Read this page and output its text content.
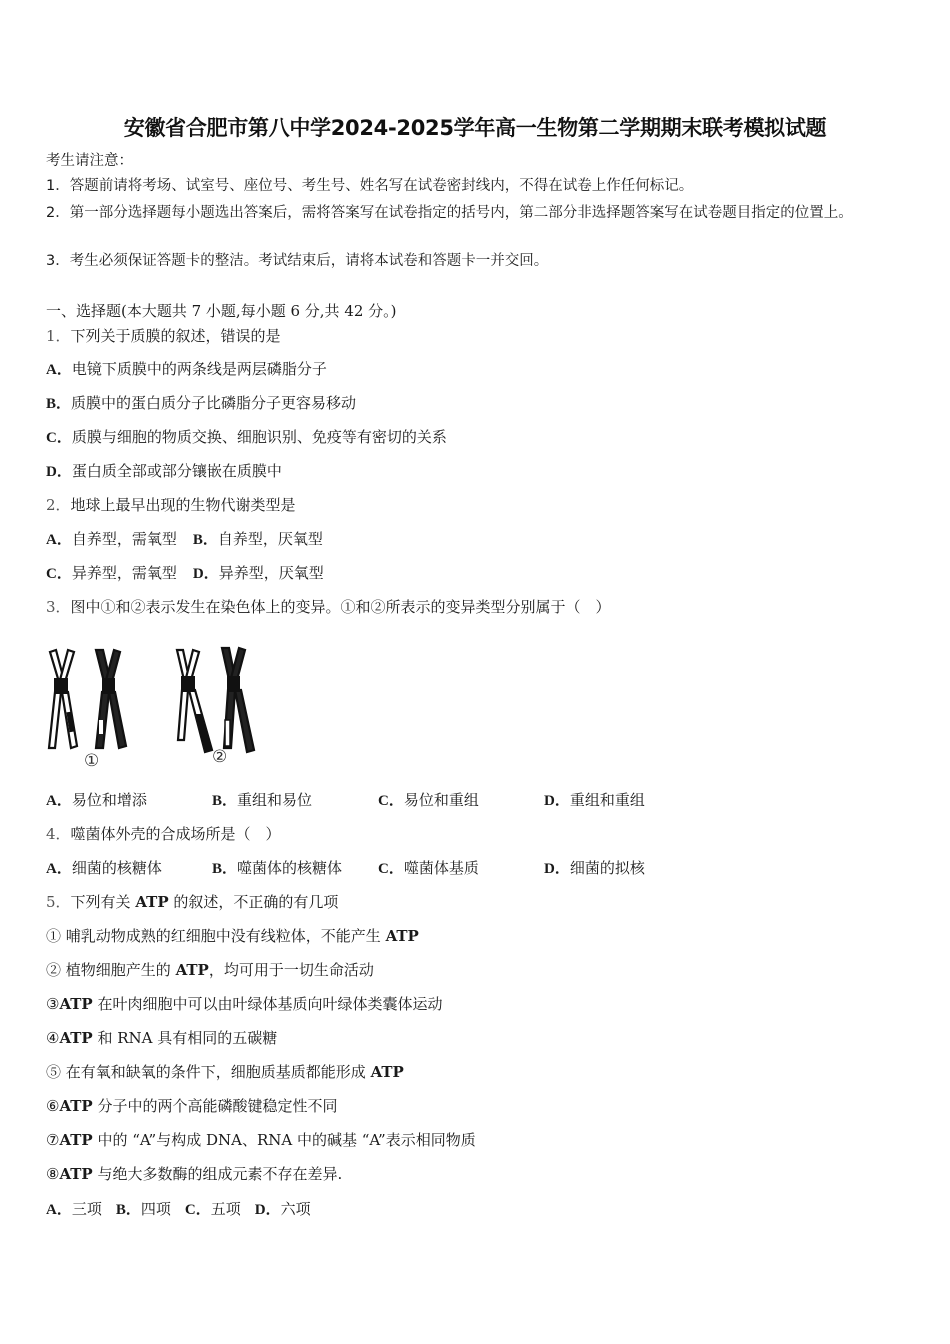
安徽省合肥市第八中学2024-2025学年高一生物第二学期期末联考模拟试题
考生请注意：
1．答题前请将考场、试室号、座位号、考生号、姓名写在试卷密封线内，不得在试卷上作任何标记。
2．第一部分选择题每小题选出答案后，需将答案写在试卷指定的括号内，第二部分非选择题答案写在试卷题目指定的位置上。
3．考生必须保证答题卡的整洁。考试结束后，请将本试卷和答题卡一并交回。
一、选择题(本大题共 7 小题,每小题 6 分,共 42 分。)
1．下列关于质膜的叙述，错误的是
A．电镜下质膜中的两条线是两层磷脂分子
B．质膜中的蛋白质分子比磷脂分子更容易移动
C．质膜与细胞的物质交换、细胞识别、免疫等有密切的关系
D．蛋白质全部或部分镶嵌在质膜中
2．地球上最早出现的生物代谢类型是
A．自养型，需氧型 B．自养型，厌氧型
C．异养型，需氧型 D．异养型，厌氧型
3．图中①和②表示发生在染色体上的变异。①和②所表示的变异类型分别属于（　）
①	②
A．易位和增添	B．重组和易位	C．易位和重组	D．重组和重组
4．噬菌体外壳的合成场所是（　）
A．细菌的核糖体	B．噬菌体的核糖体 C．噬菌体基质	D．细菌的拟核
5．下列有关 ATP 的叙述，不正确的有几项
① 哺乳动物成熟的红细胞中没有线粒体，不能产生 ATP
② 植物细胞产生的 ATP，均可用于一切生命活动
③ATP 在叶肉细胞中可以由叶绿体基质向叶绿体类囊体运动
④ATP 和 RNA 具有相同的五碳糖
⑤ 在有氧和缺氧的条件下，细胞质基质都能形成 ATP
⑥ATP 分子中的两个高能磷酸键稳定性不同
⑦ATP 中的 “A”与构成 DNA、RNA 中的碱基 “A”表示相同物质
⑧ATP 与绝大多数酶的组成元素不存在差异.
A．三项 B．四项 C．五项 D．六项
